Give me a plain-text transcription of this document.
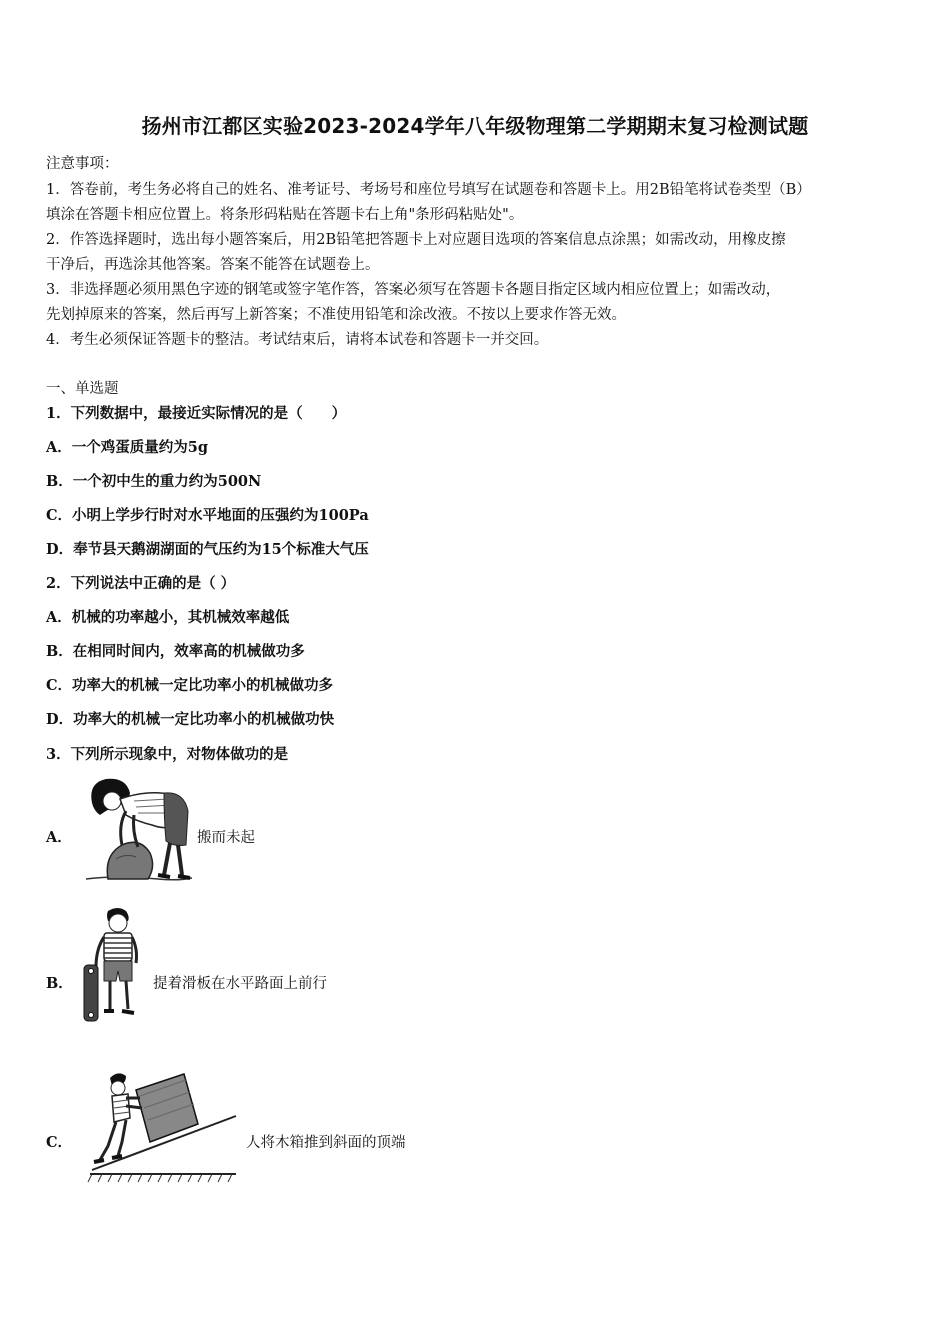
扬州市江都区实验2023-2024学年八年级物理第二学期期末复习检测试题
注意事项：
1．答卷前，考生务必将自己的姓名、准考证号、考场号和座位号填写在试题卷和答题卡上。用2B铅笔将试卷类型（B）
填涂在答题卡相应位置上。将条形码粘贴在答题卡右上角"条形码粘贴处"。
2．作答选择题时，选出每小题答案后，用2B铅笔把答题卡上对应题目选项的答案信息点涂黑；如需改动，用橡皮擦
干净后，再选涂其他答案。答案不能答在试题卷上。
3．非选择题必须用黑色字迹的钢笔或签字笔作答，答案必须写在答题卡各题目指定区域内相应位置上；如需改动，
先划掉原来的答案，然后再写上新答案；不准使用铅笔和涂改液。不按以上要求作答无效。
4．考生必须保证答题卡的整洁。考试结束后，请将本试卷和答题卡一并交回。
一、单选题
1．下列数据中，最接近实际情况的是（　　）
A．一个鸡蛋质量约为5g
B．一个初中生的重力约为500N
C．小明上学步行时对水平地面的压强约为100Pa
D．奉节县天鹅湖湖面的气压约为15个标准大气压
2．下列说法中正确的是（ ）
A．机械的功率越小，其机械效率越低
B．在相同时间内，效率高的机械做功多
C．功率大的机械一定比功率小的机械做功多
D．功率大的机械一定比功率小的机械做功快
3．下列所示现象中，对物体做功的是
A．	搬而未起
B．	提着滑板在水平路面上前行
C．	人将木箱推到斜面的顶端
